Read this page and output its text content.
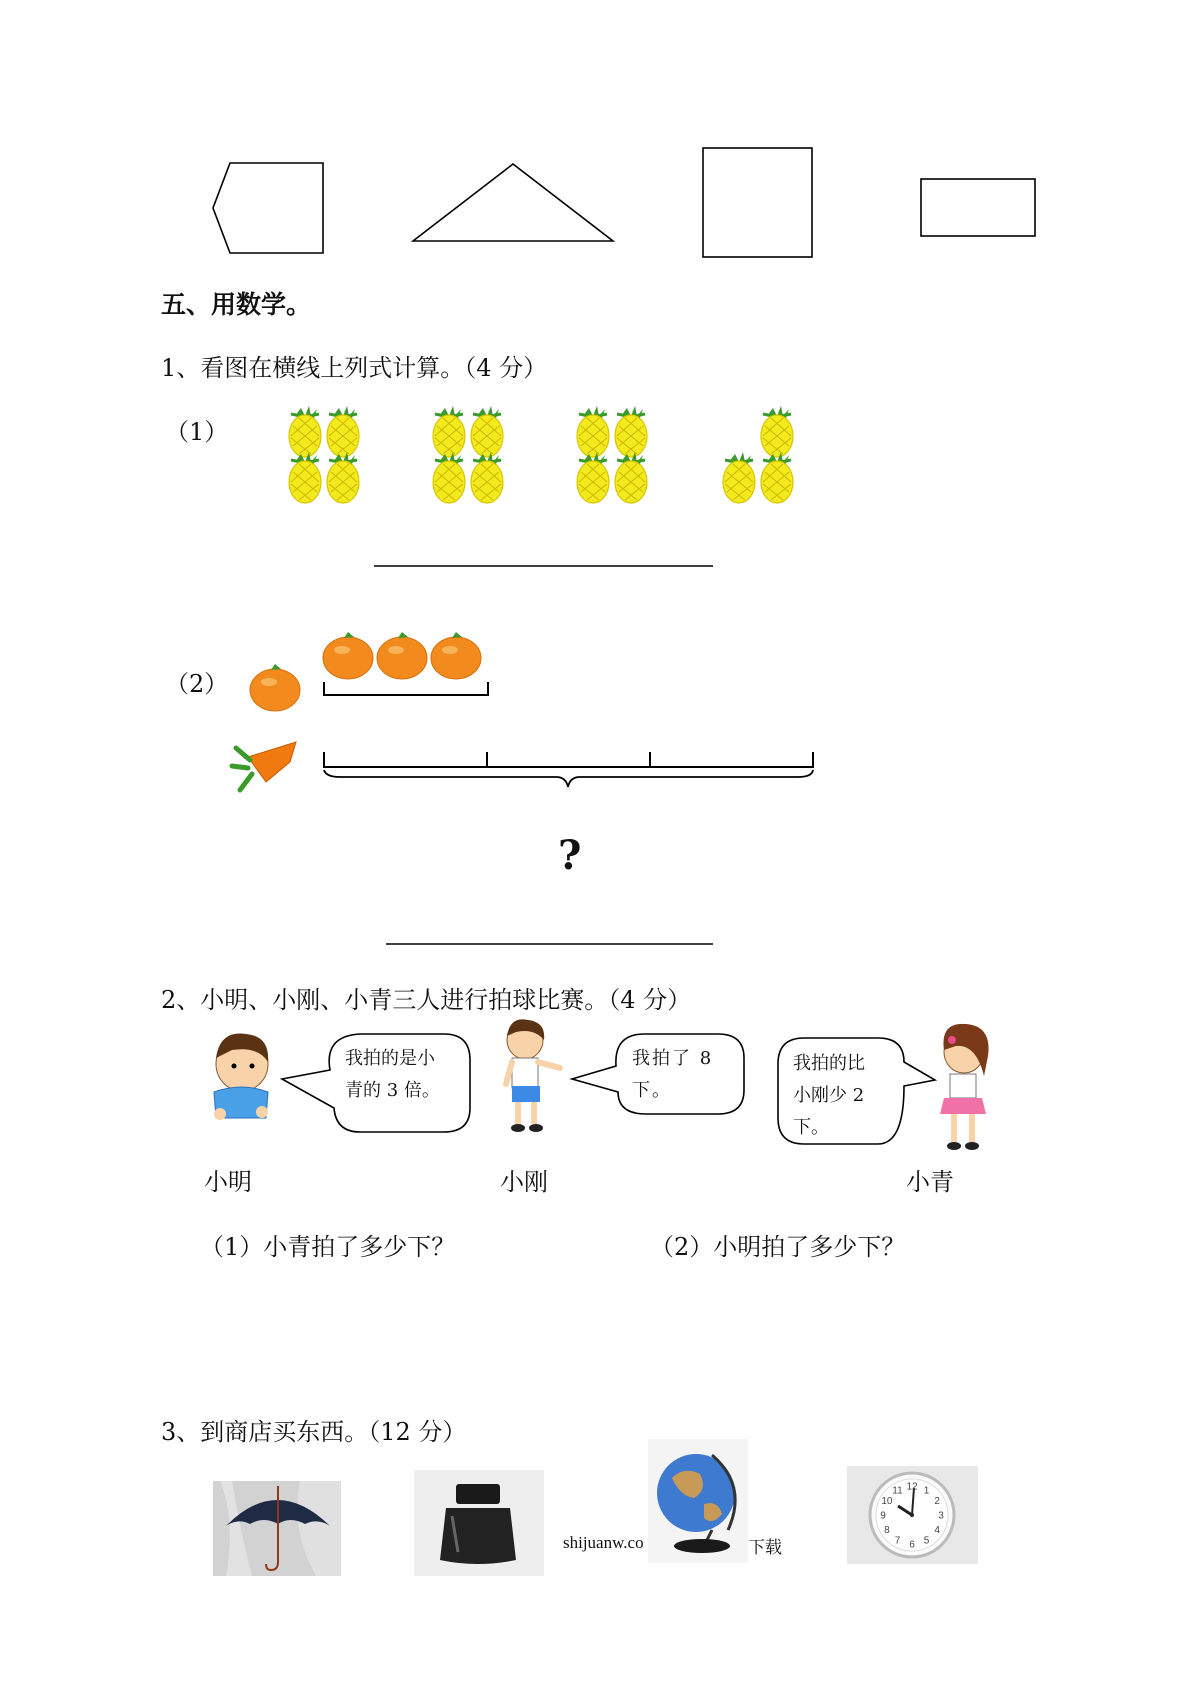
五、用数学。
1、看图在横线上列式计算。（4 分）
（1）
（2）
?
2、小明、小刚、小青三人进行拍球比赛。（4 分）
我拍的是小
青的 3 倍。
我拍了 8
下。
我拍的比
小刚少 2
下。
小明	小刚	小青
（1）小青拍了多少下？	（2）小明拍了多少下？
3、到商店买东西。（12 分）
12 1
2
3
4
5
6
7
8
9
10
11
shijuanw.co	下载
